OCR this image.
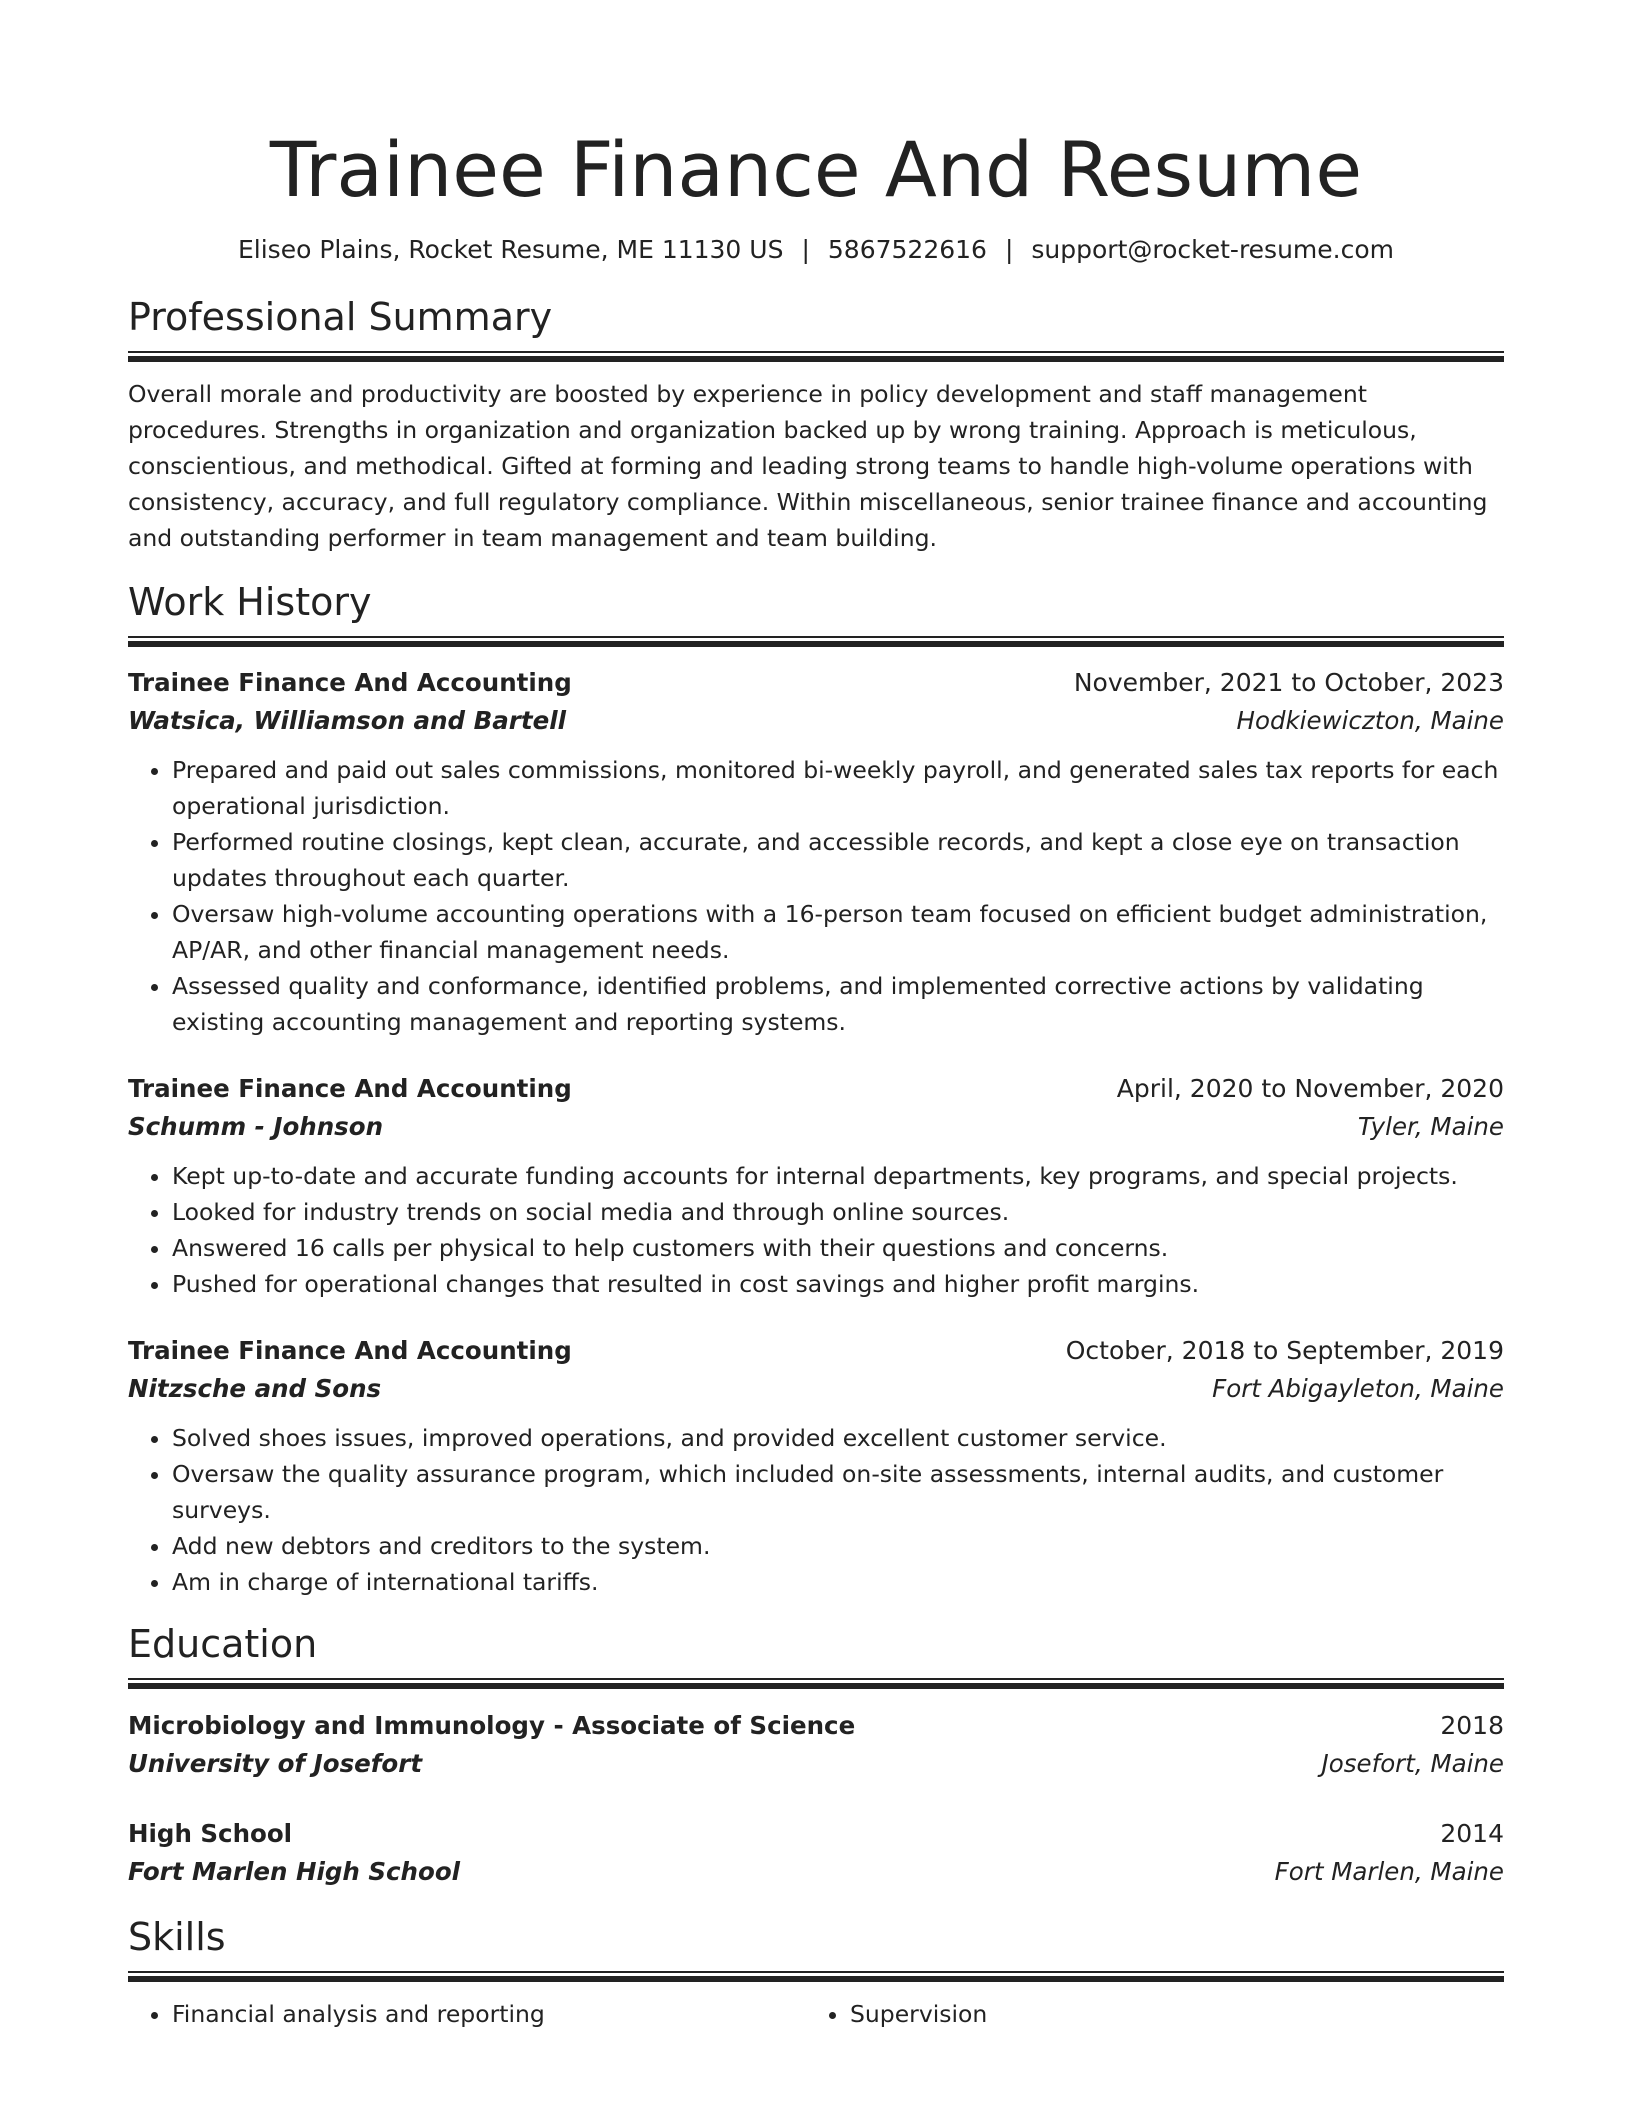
Trainee Finance And Resume
Eliseo Plains, Rocket Resume, ME 11130 US | 5867522616 | support@rocket-resume.com
Professional Summary
Overall morale and productivity are boosted by experience in policy development and staff management procedures. Strengths in organization and organization backed up by wrong training. Approach is meticulous, conscientious, and methodical. Gifted at forming and leading strong teams to handle high-volume operations with consistency, accuracy, and full regulatory compliance. Within miscellaneous, senior trainee finance and accounting and outstanding performer in team management and team building.
Work History
Trainee Finance And Accounting	November, 2021 to October, 2023
Watsica, Williamson and Bartell	Hodkiewiczton, Maine
• Prepared and paid out sales commissions, monitored bi-weekly payroll, and generated sales tax reports for each operational jurisdiction.
• Performed routine closings, kept clean, accurate, and accessible records, and kept a close eye on transaction updates throughout each quarter.
• Oversaw high-volume accounting operations with a 16-person team focused on efficient budget administration, AP/AR, and other financial management needs.
• Assessed quality and conformance, identified problems, and implemented corrective actions by validating existing accounting management and reporting systems.
Trainee Finance And Accounting	April, 2020 to November, 2020
Schumm - Johnson	Tyler, Maine
• Kept up-to-date and accurate funding accounts for internal departments, key programs, and special projects.
• Looked for industry trends on social media and through online sources.
• Answered 16 calls per physical to help customers with their questions and concerns.
• Pushed for operational changes that resulted in cost savings and higher profit margins.
Trainee Finance And Accounting	October, 2018 to September, 2019
Nitzsche and Sons	Fort Abigayleton, Maine
• Solved shoes issues, improved operations, and provided excellent customer service.
• Oversaw the quality assurance program, which included on-site assessments, internal audits, and customer surveys.
• Add new debtors and creditors to the system.
• Am in charge of international tariffs.
Education
Microbiology and Immunology - Associate of Science	2018
University of Josefort	Josefort, Maine
High School	2014
Fort Marlen High School	Fort Marlen, Maine
Skills
• Financial analysis and reporting
•	Supervision
